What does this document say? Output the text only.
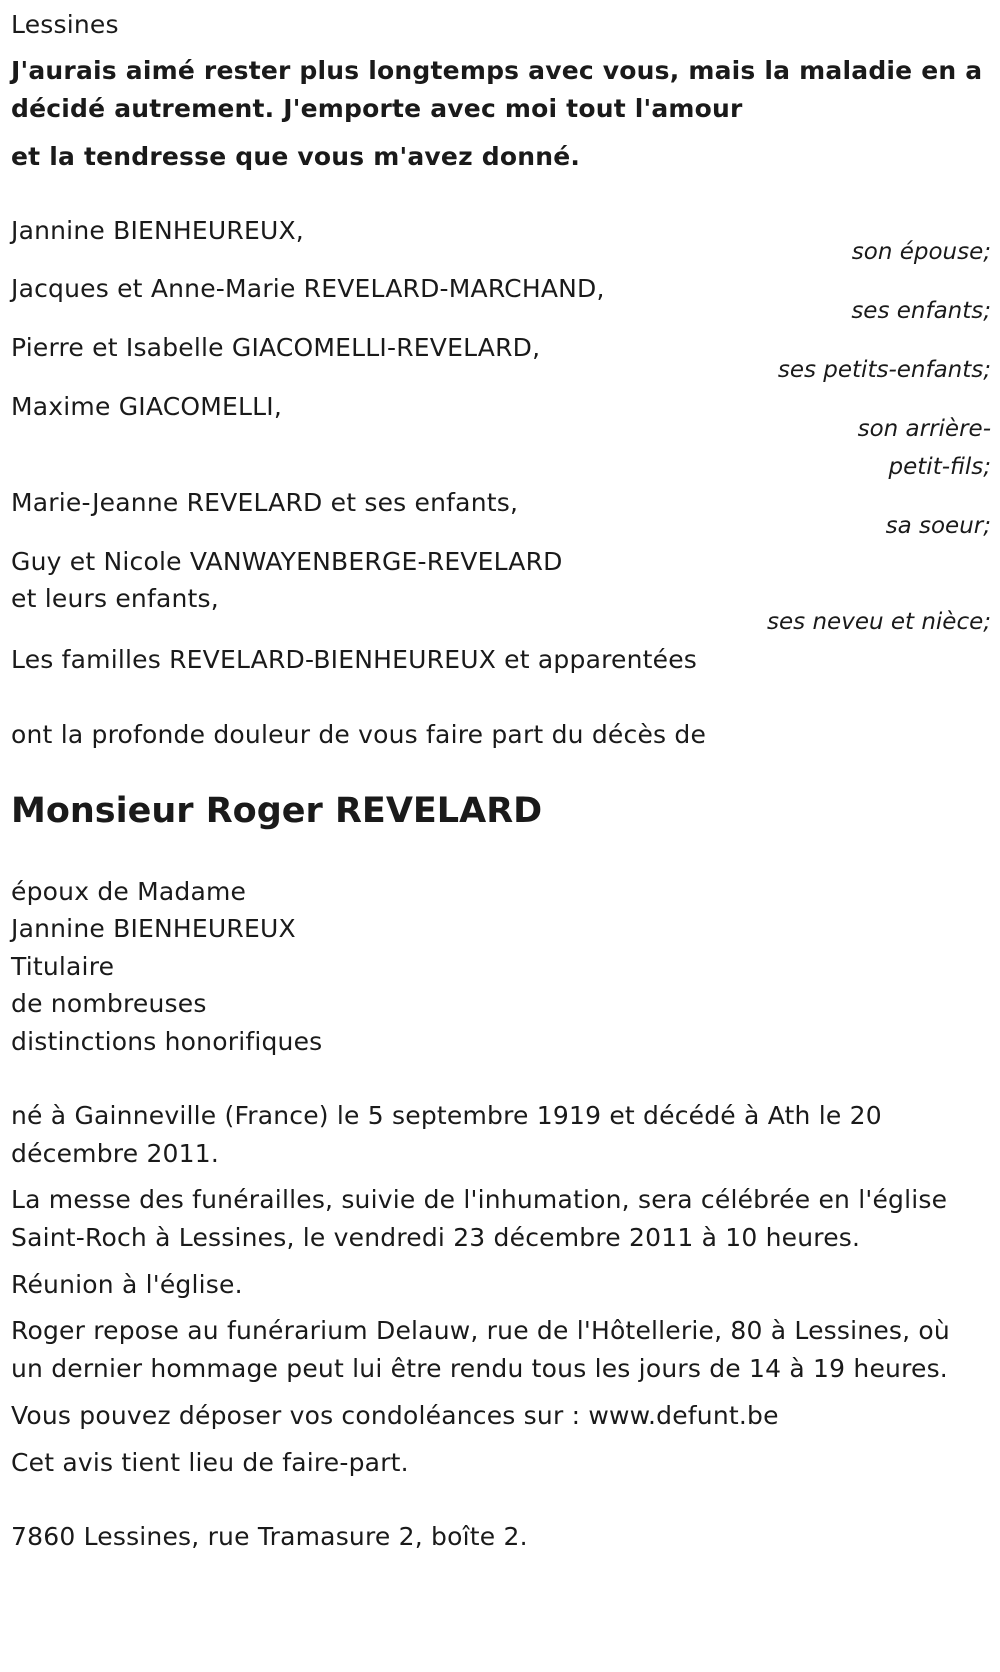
Lessines
J'aurais aimé rester plus longtemps avec vous, mais la maladie en a
décidé autrement. J'emporte avec moi tout l'amour
et la tendresse que vous m'avez donné.
Jannine BIENHEUREUX,
son épouse;
Jacques et Anne-Marie REVELARD-MARCHAND,
ses enfants;
Pierre et Isabelle GIACOMELLI-REVELARD,
ses petits-enfants;
Maxime GIACOMELLI,
son arrière-
petit-fils;
Marie-Jeanne REVELARD et ses enfants,
sa soeur;
Guy et Nicole VANWAYENBERGE-REVELARD
et leurs enfants,
ses neveu et nièce;
Les familles REVELARD-BIENHEUREUX et apparentées
ont la profonde douleur de vous faire part du décès de
Monsieur Roger REVELARD
époux de Madame
Jannine BIENHEUREUX
Titulaire
de nombreuses
distinctions honorifiques
né à Gainneville (France) le 5 septembre 1919 et décédé à Ath le 20
décembre 2011.
La messe des funérailles, suivie de l'inhumation, sera célébrée en l'église
Saint-Roch à Lessines, le vendredi 23 décembre 2011 à 10 heures.
Réunion à l'église.
Roger repose au funérarium Delauw, rue de l'Hôtellerie, 80 à Lessines, où
un dernier hommage peut lui être rendu tous les jours de 14 à 19 heures.
Vous pouvez déposer vos condoléances sur : www.defunt.be
Cet avis tient lieu de faire-part.
7860 Lessines, rue Tramasure 2, boîte 2.
